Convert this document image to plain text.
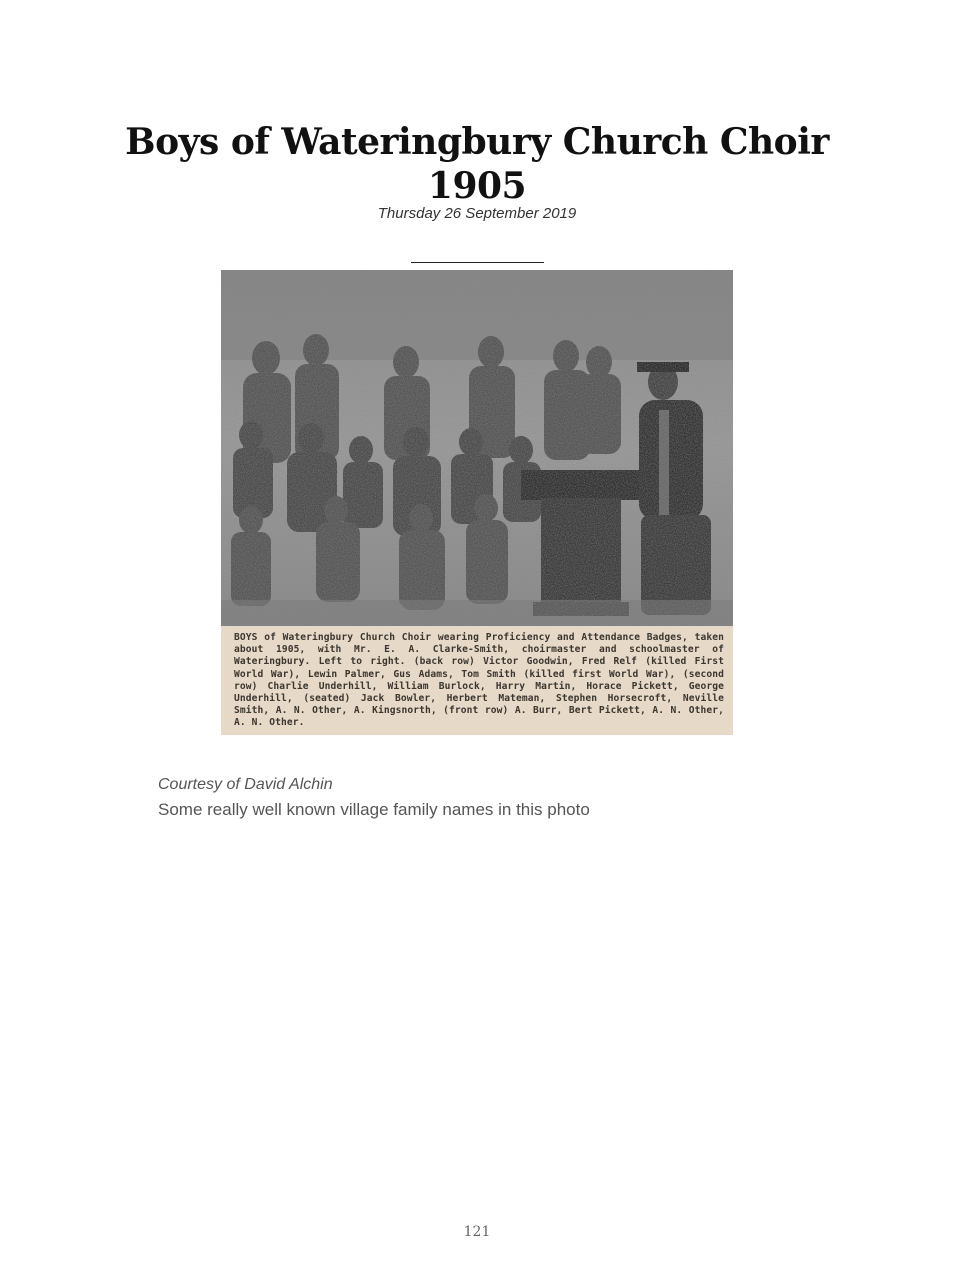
Boys of Wateringbury Church Choir
1905
Thursday 26 September 2019
BOYS of Wateringbury Church Choir wearing Proficiency and Attendance Badges, taken about 1905, with Mr. E. A. Clarke-Smith, choirmaster and schoolmaster of Wateringbury. Left to right. (back row) Victor Goodwin, Fred Relf (killed First World War), Lewin Palmer, Gus Adams, Tom Smith (killed first World War), (second row) Charlie Underhill, William Burlock, Harry Martin, Horace Pickett, George Underhill, (seated) Jack Bowler, Herbert Mateman, Stephen Horsecroft, Neville Smith, A. N. Other, A. Kingsnorth, (front row) A. Burr, Bert Pickett, A. N. Other, A. N. Other.
Courtesy of David Alchin
Some really well known village family names in this photo
121
